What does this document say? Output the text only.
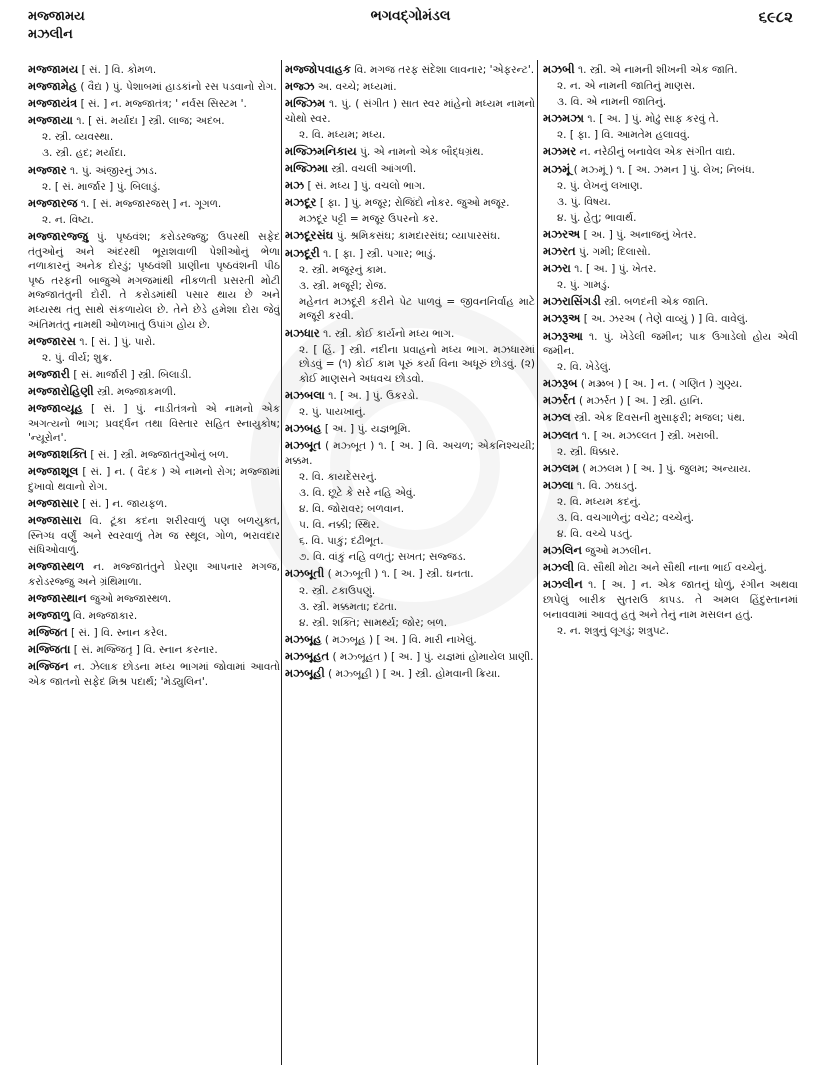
મજ્જામય
મઝલીન
ભગવદ્ગોમંડલ	૬૯૮૨
મજ્જામય [ સં. ] વિ. કોમળ.
મજ્જામેહ ( વૈદ્ય ) પું. પેશાબમાં હાડકાંનો રસ પડવાનો રોગ.
મજ્જાયંત્ર [ સં. ] ન. મજ્જાતંત્ર; ' નર્વસ સિસ્ટમ '.
મજ્જાયા ૧. [ સં. મર્યાદા ] સ્ત્રી. લાજ; અદબ.
૨. સ્ત્રી. વ્યવસ્થા.
૩. સ્ત્રી. હદ; મર્યાદા.
મજ્જાર ૧. પું. અંજીરનું ઝાડ.
૨. [ સં. માર્જાર ] પું. બિલાડું.
મજ્જારજ ૧. [ સં. મજ્જારજસ્ ] ન. ગૂગળ.
૨. ન. વિષ્ટા.
મજ્જારજ્જુ પું. પૃષ્ઠવંશ; કરોડરજ્જુ; ઉપરથી સફેદ તંતુઓનું અને અંદરથી ભૂરાશવાળી પેશીઓનું ભેળા નળાકારનું અનેક દોરડું; પૃષ્ઠવંશી પ્રાણીના પૃષ્ઠવંશની પીઠ પૃષ્ઠ તરફની બાજુએ મગજમાંથી નીકળતી પ્રસરતી મોટી મજ્જાતંતુની દોરી. તે કરોડમાંથી પસાર થાય છે અને મધ્યસ્થ તંતુ સાથે સંકળાયેલ છે. તેને છેડે હમેશા દોરા જેવું અંતિમતંતુ નામથી ઓળખાતું ઉપાંગ હોય છે.
મજ્જારસ ૧. [ સં. ] પું. પારો.
૨. પું. વીર્ય; શુક્ર.
મજ્જારી [ સં. માર્જારી ] સ્ત્રી. બિલાડી.
મજ્જારોહિણી સ્ત્રી. મજ્જાકમળી.
મજ્જાવ્યૂહ [ સં. ] પું. નાડીતંત્રનો એ નામનો એક અગત્યનો ભાગ; પ્રવર્દ્ધન તથા વિસ્તાર સહિત સ્નાયુકોષ; 'ન્યૂરોન'.
મજ્જાશક્તિ [ સં. ] સ્ત્રી. મજ્જાતંતુઓનું બળ.
મજ્જાશૂલ [ સં. ] ન. ( વૈદક ) એ નામનો રોગ; મજ્જામાં દુખાવો થવાનો રોગ.
મજ્જાસાર [ સં. ] ન. જાયફળ.
મજ્જાસારા વિ. ટૂંકા કદના શરીરવાળું પણ બળયુક્ત, સ્નિગ્ધ વર્ણું અને સ્વરવાળું તેમ જ સ્થૂલ, ગોળ, ભરાવદાર સંધિઓવાળું.
મજ્જાસ્થળ ન. મજ્જાતંતુને પ્રેરણા આપનાર મગજ, કરોડરજ્જુ અને ગ્રંથિમાળા.
મજ્જાસ્થાન જુઓ મજ્જાસ્થળ.
મજ્જાળુ વિ. મજ્જાકાર.
મજ્જિત [ સં. ] વિ. સ્નાન કરેલ.
મજ્જિતા [ સં. મજ્જિતૃ ] વિ. સ્નાન કરનાર.
મજ્જિન ન. ઝેલાક છોડના મધ્ય ભાગમાં જોવામાં આવતો એક જાતનો સફેદ મિશ્ર પદાર્થ; 'મેડ્યુલિન'.
મજ્જોપવાહક વિ. મગજ તરફ સંદેશા લાવનાર; 'એફરન્ટ'.
મજ્ઝ અ. વચ્ચે; મધ્યમાં.
મજ્ઝિમ ૧. પું. ( સંગીત ) સાત સ્વર માંહેનો મધ્યમ નામનો ચોથો સ્વર.
૨. વિ. મધ્યમ; મધ્ય.
મજ્ઝિમનિકાય પું. એ નામનો એક બૌદ્ધગ્રંથ.
મજ્ઝિમા સ્ત્રી. વચલી આંગળી.
મઝ [ સં. મધ્ય ] પું. વચલો ભાગ.
મઝદૂર [ ફા. ] પું. મજૂર; રોજિંદો નોકર. જુઓ મજૂર.
મઝદૂર પટ્ટી = મજૂર ઉપરનો કર.
મઝદૂરસંઘ પું. શ્રમિકસંઘ; કામદારસંઘ; વ્યાપારસંઘ.
મઝદૂરી ૧. [ ફા. ] સ્ત્રી. પગાર; ભાડું.
૨. સ્ત્રી. મજૂરનું કામ.
૩. સ્ત્રી. મજૂરી; રોજ.
મહેનત મઝદૂરી કરીને પેટ પાળવું = જીવનનિર્વાહ માટે મજૂરી કરવી.
મઝધાર ૧. સ્ત્રી. કોઈ કાર્યનો મધ્ય ભાગ.
૨. [ હિં. ] સ્ત્રી. નદીના પ્રવાહનો મધ્ય ભાગ. મઝધારમાં છોડવું = (૧) કોઈ કામ પૂરું કર્યા વિના અધૂરું છોડવું. (૨) કોઈ માણસને અધવચ છોડવો.
મઝબલા ૧. [ અ. ] પું. ઉકરડો.
૨. પું. પાયખાનું.
મઝબહ [ અ. ] પું. યજ્ઞભૂમિ.
મઝબૂત ( મઝ્બૂત ) ૧. [ અ. ] વિ. અચળ; એકનિશ્ચયી; મક્કમ.
૨. વિ. કાયદેસરનું.
૩. વિ. છૂટે કે સરે નહિ એવું.
૪. વિ. જોરાવર; બળવાન.
૫. વિ. નક્કી; સ્થિર.
૬. વિ. પાકું; દઢીભૂત.
૭. વિ. વાંકું નહિ વળતું; સખત; સજ્જડ.
મઝબૂતી ( મઝ્બૂતી ) ૧. [ અ. ] સ્ત્રી. ઘનતા.
૨. સ્ત્રી. ટકાઉપણું.
૩. સ્ત્રી. મક્કમતા; દઢતા.
૪. સ્ત્રી. શક્તિ; સામર્થ્ય; જોર; બળ.
મઝબૂહ ( મઝ્બૂહ ) [ અ. ] વિ. મારી નાખેલું.
મઝબૂહત ( મઝ્બૂહત ) [ અ. ] પું. યજ્ઞમાં હોમાયેલ પ્રાણી.
મઝબૂહી ( મઝ્બૂહી ) [ અ. ] સ્ત્રી. હોમવાની ક્રિયા.
મઝબી ૧. સ્ત્રી. એ નામની શીખની એક જાતિ.
૨. ન. એ નામની જાતિનું માણસ.
૩. વિ. એ નામની જાતિનું.
મઝમઝા ૧. [ અ. ] પું. મોઢું સાફ કરવું તે.
૨. [ ફા. ] વિ. આમતેમ હલાવવું.
મઝમર ન. નરેઠીનું બનાવેલ એક સંગીત વાદ્ય.
મઝમૂં ( મઝ્મૂં ) ૧. [ અ. ઝમન ] પું. લેખ; નિબંધ.
૨. પું. લેખનું લખાણ.
૩. પું. વિષય.
૪. પું. હેતુ; ભાવાર્થ.
મઝરઅ [ અ. ] પું. અનાજનું ખેતર.
મઝરત પું. ગમી; દિલાસો.
મઝરા ૧. [ અ. ] પું. ખેતર.
૨. પું. ગામડું.
મઝરાસિંગડી સ્ત્રી. બળદની એક જાતિ.
મઝરૂઅ [ અ. ઝરઅ ( તેણે વાવ્યું ) ] વિ. વાવેલું.
મઝરૂઆ ૧. પું. ખેડેલી જમીન; પાક ઉગાડેલો હોય એવી જમીન.
૨. વિ. ખેડેલું.
મઝરૂબ ( મઝ્રૂબ ) [ અ. ] ન. ( ગણિત ) ગુણ્ય.
મઝર્રત ( મઝર્રત ) [ અ. ] સ્ત્રી. હાનિ.
મઝલ સ્ત્રી. એક દિવસની મુસાફરી; મજલ; પંથ.
મઝલત ૧. [ અ. મઝલ્લત ] સ્ત્રી. ખરાબી.
૨. સ્ત્રી. ધિક્કાર.
મઝલમ ( મઝલમ ) [ અ. ] પું. જુલમ; અન્યાય.
મઝલા ૧. વિ. ઝઘડતું.
૨. વિ. મધ્યમ કદનું.
૩. વિ. વચગાળેનું; વચેટ; વચ્ચેનું.
૪. વિ. વચ્ચે પડતું.
મઝલિન જુઓ મઝલીન.
મઝલી વિ. સૌથી મોટા અને સૌથી નાના ભાઈ વચ્ચેનું.
મઝલીન ૧. [ અ. ] ન. એક જાતનું ધોળું, રંગીન અથવા છાપેલું બારીક સુતરાઉ કાપડ. તે અમલ હિંદુસ્તાનમાં બનાવવામાં આવતું હતું અને તેનું નામ મસલન હતું.
૨. ન. શત્રુનું લૂગડું; શત્રુપટ.
